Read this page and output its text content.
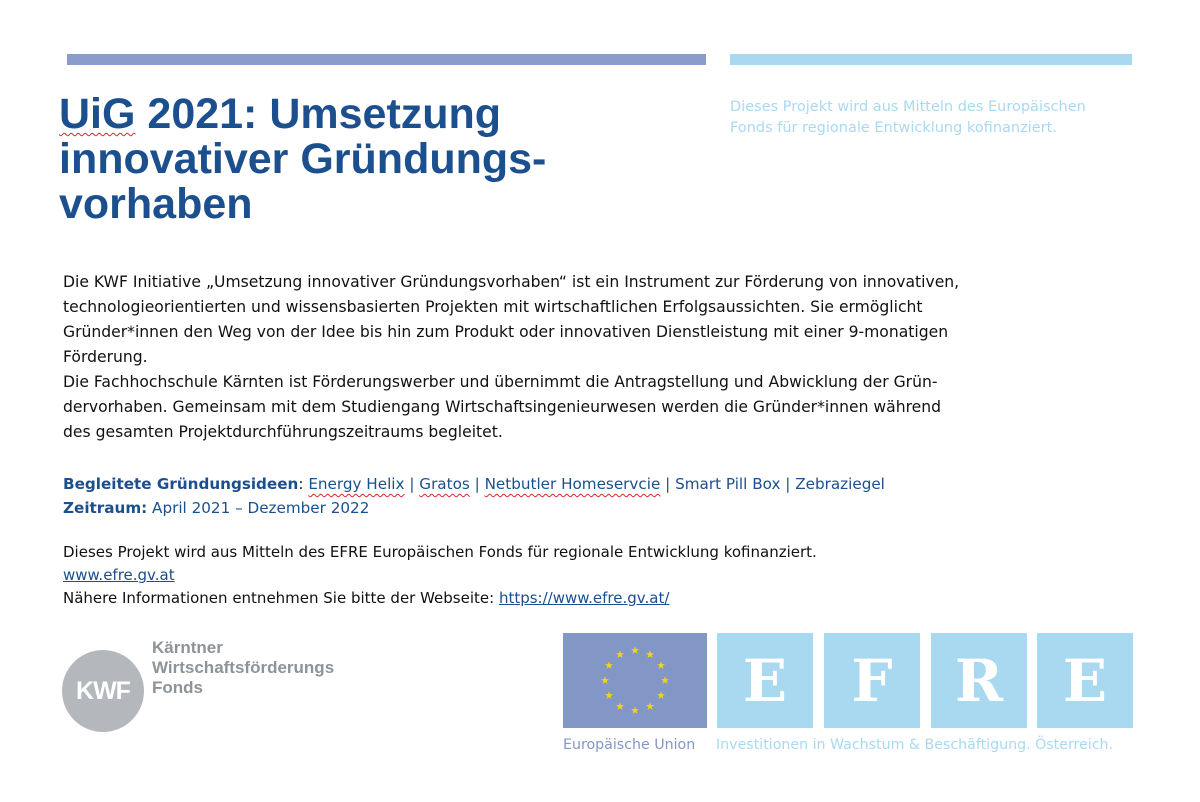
UiG 2021: Umsetzung
innovativer Gründungs-
vorhaben
Dieses Projekt wird aus Mitteln des Europäischen
Fonds für regionale Entwicklung kofinanziert.
Die KWF Initiative „Umsetzung innovativer Gründungsvorhaben“ ist ein Instrument zur Förderung von innovativen,
technologieorientierten und wissensbasierten Projekten mit wirtschaftlichen Erfolgsaussichten. Sie ermöglicht
Gründer*innen den Weg von der Idee bis hin zum Produkt oder innovativen Dienstleistung mit einer 9-monatigen
Förderung.
Die Fachhochschule Kärnten ist Förderungswerber und übernimmt die Antragstellung und Abwicklung der Grün-
dervorhaben. Gemeinsam mit dem Studiengang Wirtschaftsingenieurwesen werden die Gründer*innen während
des gesamten Projektdurchführungszeitraums begleitet.
Begleitete Gründungsideen: Energy Helix | Gratos | Netbutler Homeservcie | Smart Pill Box | Zebraziegel
Zeitraum: April 2021 – Dezember 2022
Dieses Projekt wird aus Mitteln des EFRE Europäischen Fonds für regionale Entwicklung kofinanziert.
www.efre.gv.at
Nähere Informationen entnehmen Sie bitte der Webseite: https://www.efre.gv.at/
KWF
Kärntner
Wirtschaftsförderungs
Fonds	E	F	R	E
Europäische Union Investitionen in Wachstum & Beschäftigung. Österreich.
